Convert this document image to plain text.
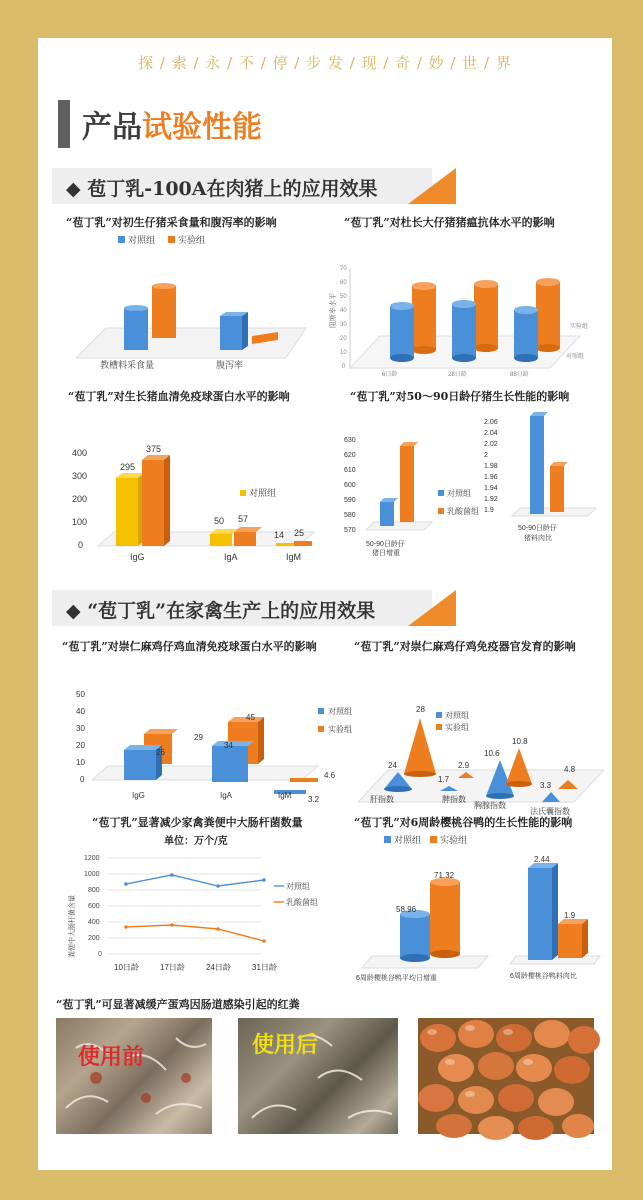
探 / 索 / 永 / 不 / 停 / 步 发 / 现 / 奇 / 妙 / 世 / 界
产品 试验性能
◆ 苞丁乳-100A在肉猪上的应用效果
“苞丁乳”对初生仔猪采食量和腹泻率的影响
对照组	实验组
教槽料采食量	腹泻率
“苞丁乳”对杜长大仔猪猪瘟抗体水平的影响
阻断率水平
0
10
20
30
40
50
60
70
对照组
实验组
6日龄	28日龄	88日龄
“苞丁乳”对生长猪血清免疫球蛋白水平的影响
0
100
200
300
400
295
375
50 57
14 25
对照组
IgG	IgA	IgM
“苞丁乳”对50～90日龄仔猪生长性能的影响
570
580
590
600
610
620
630
50-90日龄仔
猪日增重
对照组
乳酸菌组 1.9
1.92
1.94
1.96
1.98
2
2.02
2.04
2.06
50-90日龄仔
猪料肉比
◆ “苞丁乳”在家禽生产上的应用效果
“苞丁乳”对崇仁麻鸡仔鸡血清免疫球蛋白水平的影响
0
10
20
30
40
50
26
29
34
45
3.2
4.6
对照组
实验组
IgG	IgA	IgM
“苞丁乳”对崇仁麻鸡仔鸡免疫器官发育的影响
对照组
实验组
24
28
1.7
2.9
10.6
10.8
3.3
4.8
肝指数	脾指数
胸腺指数
法氏囊指数
“苞丁乳”显著减少家禽粪便中大肠杆菌数量
单位：万个/克
粪便中大肠杆菌含量	0
200
400
600
800
1000
1200
对照组
乳酸菌组
10日龄	17日龄	24日龄	31日龄
“苞丁乳”对6周龄樱桃谷鸭的生长性能的影响
对照组 实验组
58.96
71.32
6周龄樱桃谷鸭平均日增重
2.44
1.9
6周龄樱桃谷鸭料肉比
“苞丁乳”可显著减缓产蛋鸡因肠道感染引起的红粪
使用前	使用后
